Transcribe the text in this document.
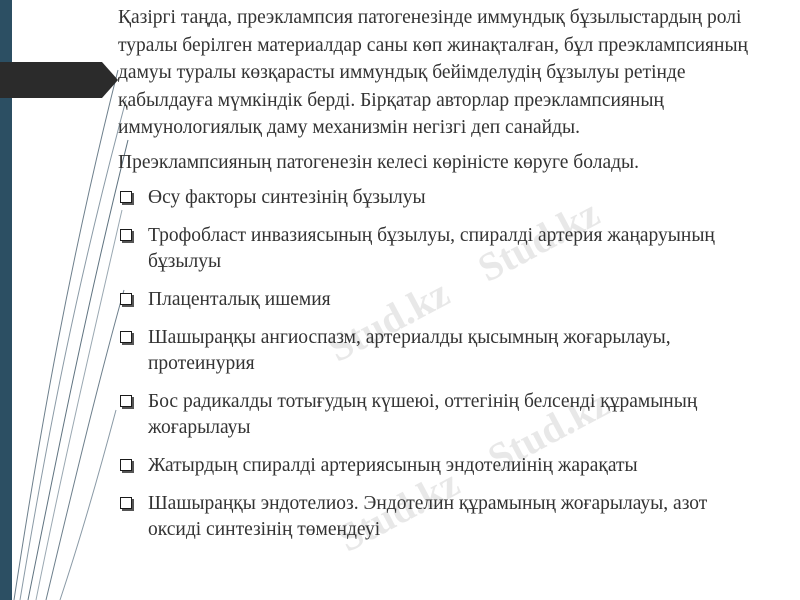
Stud.kz
Stud.kz
Stud.kz
Stud.kz

Қазіргі таңда, преэклампсия патогенезінде иммундық бұзылыстардың ролі туралы берілген материалдар саны көп жинақталған, бұл преэклампсияның дамуы туралы көзқарасты иммундық бейімделудің бұзылуы ретінде қабылдауға мүмкіндік берді. Бірқатар авторлар преэклампсияның иммунологиялық даму механизмін негізгі деп санайды.

Преэклампсияның патогенезін келесі көріністе көруге болады.

Өсу факторы синтезінің бұзылуы
Трофобласт инвазиясының бұзылуы, спиралді артерия жаңаруының бұзылуы
Плаценталық ишемия
Шашыраңқы ангиоспазм, артериалды қысымның жоғарылауы, протеинурия
Бос радикалды тотығудың күшеюі, оттегінің белсенді құрамының жоғарылауы
Жатырдың спиралді артериясының эндотелиінің жарақаты
Шашыраңқы эндотелиоз. Эндотелин құрамының жоғарылауы, азот оксиді синтезінің төмендеуі
